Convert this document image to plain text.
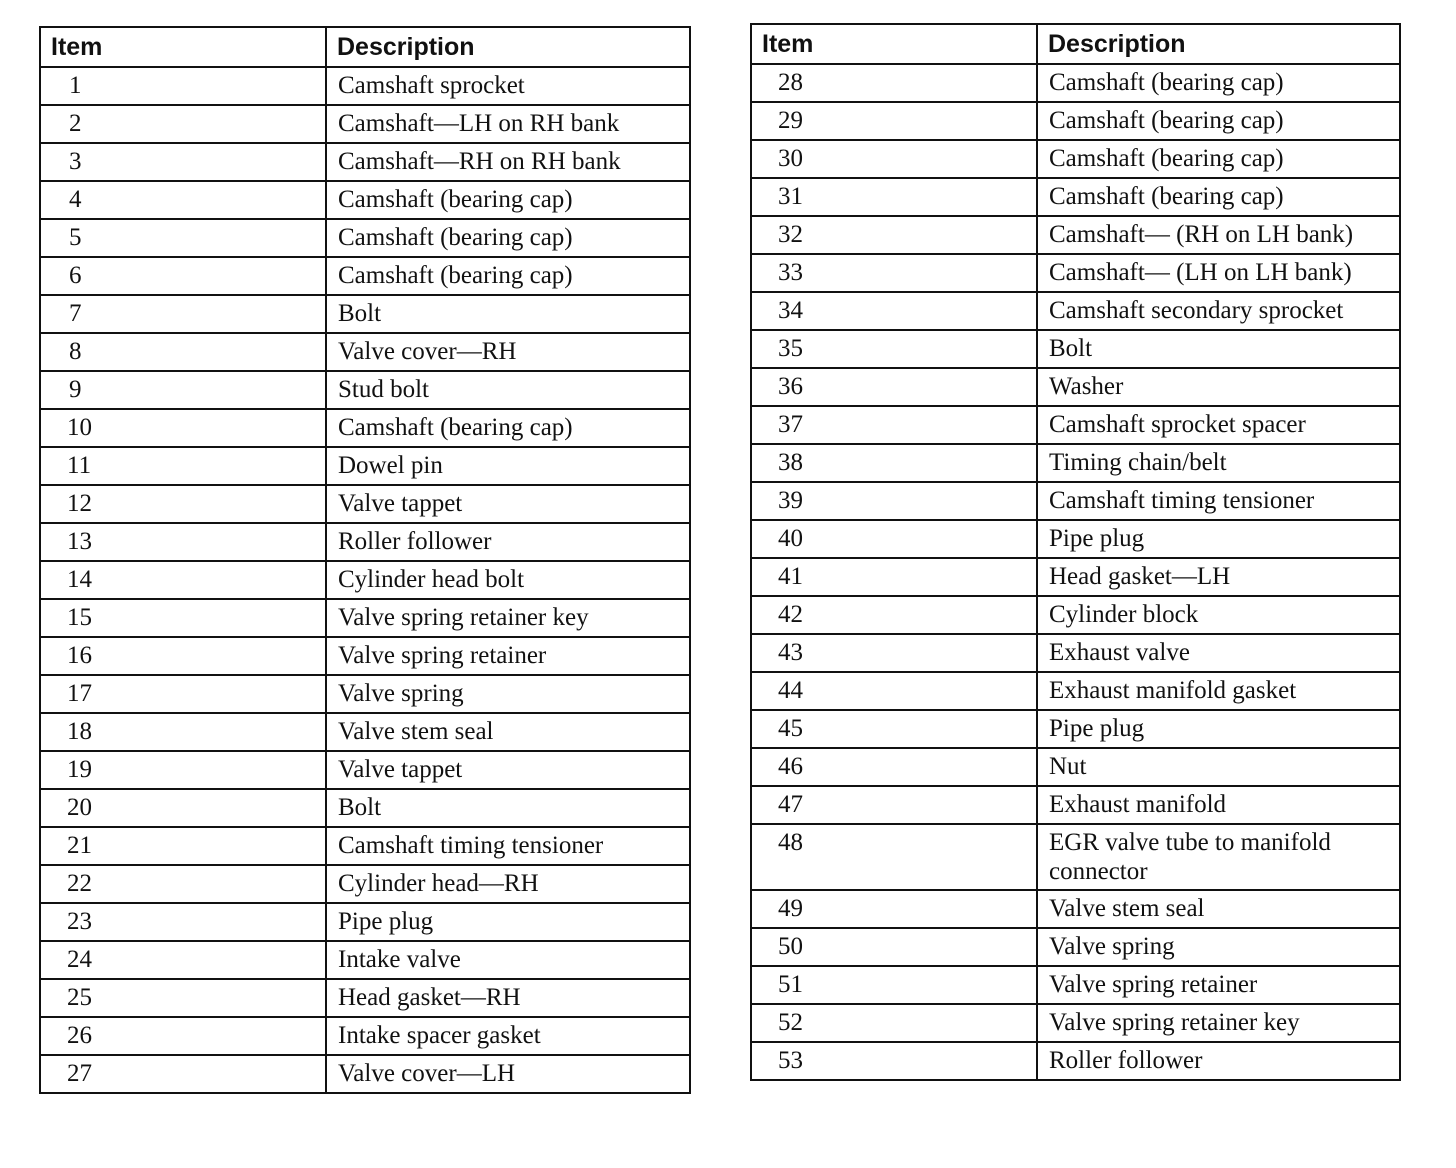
Item	Description
1	Camshaft sprocket
2	Camshaft—LH on RH bank
3	Camshaft—RH on RH bank
4	Camshaft (bearing cap)
5	Camshaft (bearing cap)
6	Camshaft (bearing cap)
7	Bolt
8	Valve cover—RH
9	Stud bolt
10	Camshaft (bearing cap)
11	Dowel pin
12	Valve tappet
13	Roller follower
14	Cylinder head bolt
15	Valve spring retainer key
16	Valve spring retainer
17	Valve spring
18	Valve stem seal
19	Valve tappet
20	Bolt
21	Camshaft timing tensioner
22	Cylinder head—RH
23	Pipe plug
24	Intake valve
25	Head gasket—RH
26	Intake spacer gasket
27	Valve cover—LH
Item	Description
28	Camshaft (bearing cap)
29	Camshaft (bearing cap)
30	Camshaft (bearing cap)
31	Camshaft (bearing cap)
32	Camshaft— (RH on LH bank)
33	Camshaft— (LH on LH bank)
34	Camshaft secondary sprocket
35	Bolt
36	Washer
37	Camshaft sprocket spacer
38	Timing chain/belt
39	Camshaft timing tensioner
40	Pipe plug
41	Head gasket—LH
42	Cylinder block
43	Exhaust valve
44	Exhaust manifold gasket
45	Pipe plug
46	Nut
47	Exhaust manifold
48	EGR valve tube to manifold connector
49	Valve stem seal
50	Valve spring
51	Valve spring retainer
52	Valve spring retainer key
53	Roller follower
